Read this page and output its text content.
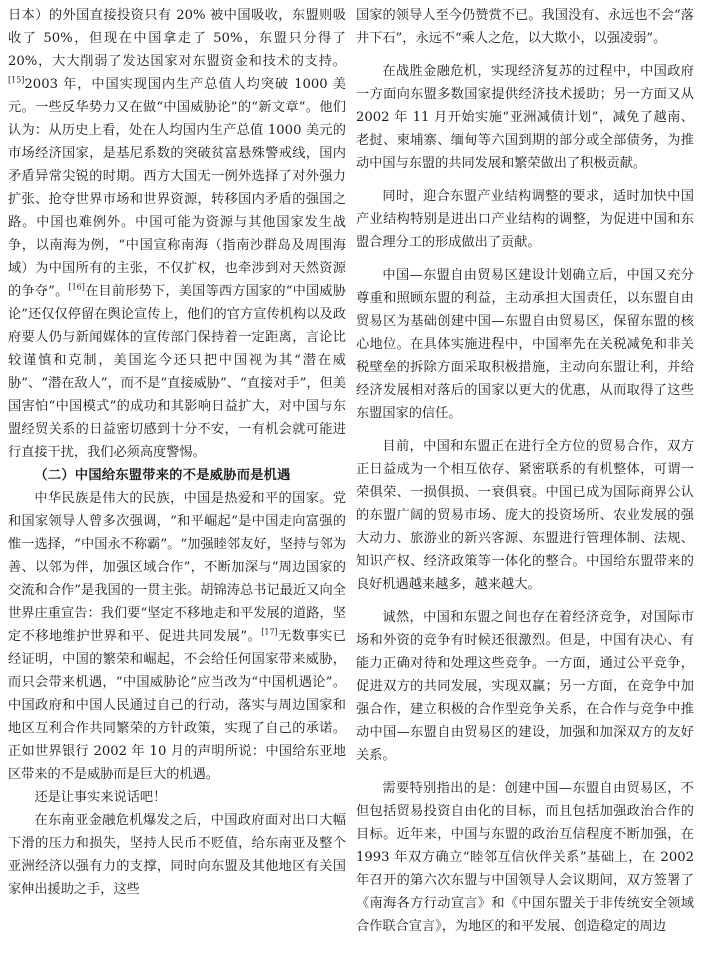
日本）的外国直接投资只有 20% 被中国吸收，东盟则吸收了 50%，但现在中国拿走了 50%，东盟只分得了 20%，大大削弱了发达国家对东盟资金和技术的支持。[15]2003 年，中国实现国内生产总值人均突破 1000 美元。一些反华势力又在做“中国威胁论”的“新文章”。他们认为：从历史上看，处在人均国内生产总值 1000 美元的市场经济国家，是基尼系数的突破贫富悬殊警戒线，国内矛盾异常尖锐的时期。西方大国无一例外选择了对外强力扩张、抢夺世界市场和世界资源，转移国内矛盾的强国之路。中国也难例外。中国可能为资源与其他国家发生战争，以南海为例，“中国宣称南海（指南沙群岛及周围海域）为中国所有的主张，不仅扩权，也牵涉到对天然资源的争夺”。[16]在目前形势下，美国等西方国家的“中国威胁论”还仅仅停留在舆论宣传上，他们的官方宣传机构以及政府要人仍与新闻媒体的宣传部门保持着一定距离，言论比较谨慎和克制，美国迄今还只把中国视为其“潜在威胁”、“潜在敌人”，而不是“直接威胁”、“直接对手”，但美国害怕“中国模式”的成功和其影响日益扩大，对中国与东盟经贸关系的日益密切感到十分不安，一有机会就可能进行直接干扰，我们必须高度警惕。

（二）中国给东盟带来的不是威胁而是机遇

中华民族是伟大的民族，中国是热爱和平的国家。党和国家领导人曾多次强调，“和平崛起”是中国走向富强的惟一选择，“中国永不称霸”。“加强睦邻友好，坚持与邻为善、以邻为伴，加强区域合作”，不断加深与“周边国家的交流和合作”是我国的一贯主张。胡锦涛总书记最近又向全世界庄重宣告：我们要“坚定不移地走和平发展的道路，坚定不移地维护世界和平、促进共同发展”。[17]无数事实已经证明，中国的繁荣和崛起，不会给任何国家带来威胁，而只会带来机遇，“中国威胁论”应当改为“中国机遇论”。中国政府和中国人民通过自己的行动，落实与周边国家和地区互利合作共同繁荣的方针政策，实现了自己的承诺。正如世界银行 2002 年 10 月的声明所说：中国给东亚地区带来的不是威胁而是巨大的机遇。

还是让事实来说话吧！

在东南亚金融危机爆发之后，中国政府面对出口大幅下滑的压力和损失，坚持人民币不贬值，给东南亚及整个亚洲经济以强有力的支撑，同时向东盟及其他地区有关国家伸出援助之手，这些

国家的领导人至今仍赞赏不已。我国没有、永远也不会“落井下石”，永远不“乘人之危，以大欺小，以强凌弱”。

在战胜金融危机，实现经济复苏的过程中，中国政府一方面向东盟多数国家提供经济技术援助；另一方面又从 2002 年 11 月开始实施“亚洲减债计划”，减免了越南、老挝、柬埔寨、缅甸等六国到期的部分或全部债务，为推动中国与东盟的共同发展和繁荣做出了积极贡献。

同时，迎合东盟产业结构调整的要求，适时加快中国产业结构特别是进出口产业结构的调整，为促进中国和东盟合理分工的形成做出了贡献。

中国—东盟自由贸易区建设计划确立后，中国又充分尊重和照顾东盟的利益，主动承担大国责任，以东盟自由贸易区为基础创建中国—东盟自由贸易区，保留东盟的核心地位。在具体实施进程中，中国率先在关税减免和非关税壁垒的拆除方面采取积极措施，主动向东盟让利，并给经济发展相对落后的国家以更大的优惠，从而取得了这些东盟国家的信任。

目前，中国和东盟正在进行全方位的贸易合作，双方正日益成为一个相互依存、紧密联系的有机整体，可谓一荣俱荣、一损俱损、一衰俱衰。中国已成为国际商界公认的东盟广阔的贸易市场、庞大的投资场所、农业发展的强大动力、旅游业的新兴客源、东盟进行管理体制、法规、知识产权、经济政策等一体化的整合。中国给东盟带来的良好机遇越来越多，越来越大。

诚然，中国和东盟之间也存在着经济竞争，对国际市场和外资的竞争有时候还很激烈。但是，中国有决心、有能力正确对待和处理这些竞争。一方面，通过公平竞争，促进双方的共同发展，实现双赢；另一方面，在竞争中加强合作，建立积极的合作型竞争关系，在合作与竞争中推动中国—东盟自由贸易区的建设，加强和加深双方的友好关系。

需要特别指出的是：创建中国—东盟自由贸易区，不但包括贸易投资自由化的目标，而且包括加强政治合作的目标。近年来，中国与东盟的政治互信程度不断加强，在 1993 年双方确立“睦邻互信伙伴关系”基础上，在 2002 年召开的第六次东盟与中国领导人会议期间，双方签署了《南海各方行动宣言》和《中国东盟关于非传统安全领域合作联合宣言》，为地区的和平发展、创造稳定的周边
